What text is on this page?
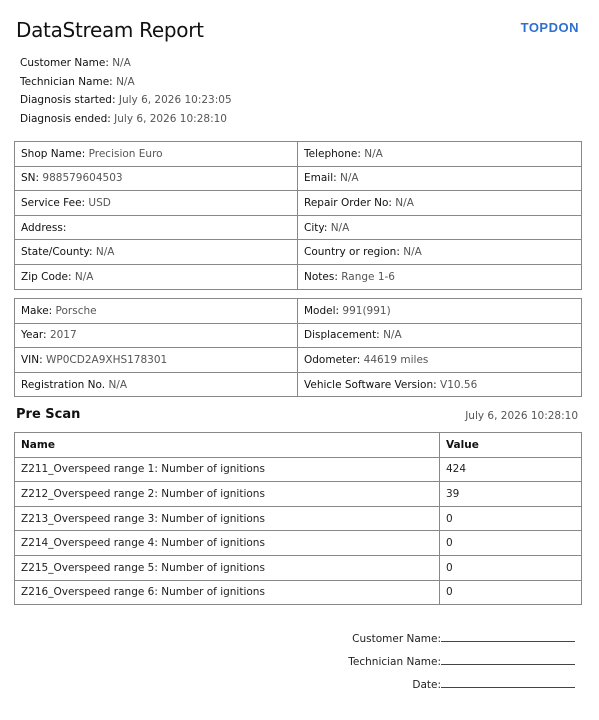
DataStream Report	TOPDON
Customer Name: N/A
Technician Name: N/A
Diagnosis started: July 6, 2026 10:23:05
Diagnosis ended: July 6, 2026 10:28:10
Shop Name: Precision Euro	Telephone: N/A
SN: 988579604503	Email: N/A
Service Fee: USD	Repair Order No: N/A
Address:	City: N/A
State/County: N/A	Country or region: N/A
Zip Code: N/A	Notes: Range 1-6
Make: Porsche	Model: 991(991)
Year: 2017	Displacement: N/A
VIN: WP0CD2A9XHS178301	Odometer: 44619 miles
Registration No. N/A	Vehicle Software Version: V10.56
Pre Scan	July 6, 2026 10:28:10
Name	Value
Z211_Overspeed range 1: Number of ignitions	424
Z212_Overspeed range 2: Number of ignitions	39
Z213_Overspeed range 3: Number of ignitions	0
Z214_Overspeed range 4: Number of ignitions	0
Z215_Overspeed range 5: Number of ignitions	0
Z216_Overspeed range 6: Number of ignitions	0
Customer Name:
Technician Name:
Date:
